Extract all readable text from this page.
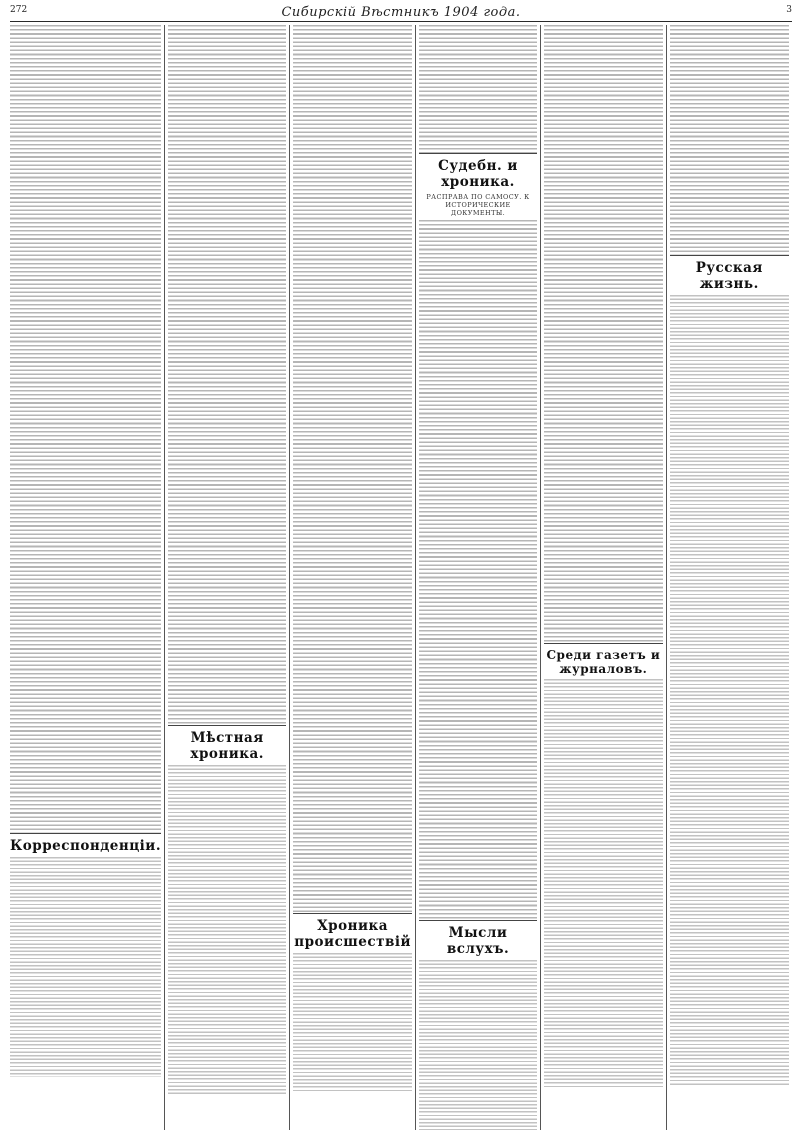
272	Сибирскій Вѣстникъ 1904 года.	3
Корреспонденціи.
Мѣстная хроника.
Хроника происшествій
Судебн. и хроника.
РАСПРАВА ПО САМОСУ. К ИСТОРИЧЕСКИЕ ДОКУМЕНТЫ.
Мысли вслухъ.
Среди газетъ и журналовъ.
Русская жизнь.
